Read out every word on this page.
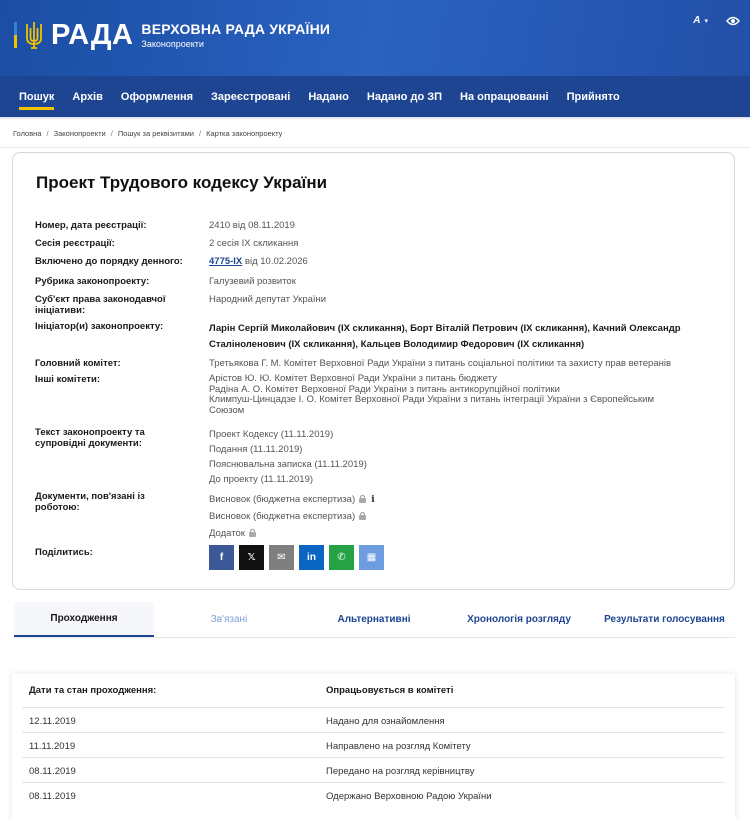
РАДА ВЕРХОВНА РАДА УКРАЇНИ
Законопроекти
A ▾
Пошук	Архів	Оформлення	Зареєстровані	Надано	Надано до ЗП	На опрацюванні	Прийнято
Головна / Законопроекти / Пошук за реквізитами / Картка законопроекту
Проект Трудового кодексу України
Номер, дата реєстрації:	2410 від 08.11.2019
Сесія реєстрації:	2 сесія IX скликання
Включено до порядку денного:	4775-IX від 10.02.2026
Рубрика законопроекту:	Галузевий розвиток
Суб'єкт права законодавчої ініціативи:
Народний депутат України
Ініціатор(и) законопроекту:	Ларін Сергій Миколайович (IX скликання), Борт Віталій Петрович (IX скликання), Качний Олександр
Сталіноленович (IX скликання), Кальцев Володимир Федорович (IX скликання)
Головний комітет:	Третьякова Г. М. Комітет Верховної Ради України з питань соціальної політики та захисту прав ветеранів
Інші комітети:	Арістов Ю. Ю. Комітет Верховної Ради України з питань бюджету
Радіна А. О. Комітет Верховної Ради України з питань антикорупційної політики
Климпуш-Цинцадзе І. О. Комітет Верховної Ради України з питань інтеграції України з Європейським
Союзом
Текст законопроекту та супровідні документи:
Проект Кодексу (11.11.2019)
Подання (11.11.2019)
Пояснювальна записка (11.11.2019)
До проекту (11.11.2019)
Документи, пов'язані із роботою:
Висновок (бюджетна експертиза) i
Висновок (бюджетна експертиза)
Додаток
Поділитись:	f	𝕏	✉	in	✆	▦
Проходження	Зв'язані	Альтернативні	Хронологія розгляду	Результати голосування
Дати та стан проходження:	Опрацьовується в комітеті
12.11.2019	Надано для ознайомлення
11.11.2019	Направлено на розгляд Комітету
08.11.2019	Передано на розгляд керівництву
08.11.2019	Одержано Верховною Радою України
